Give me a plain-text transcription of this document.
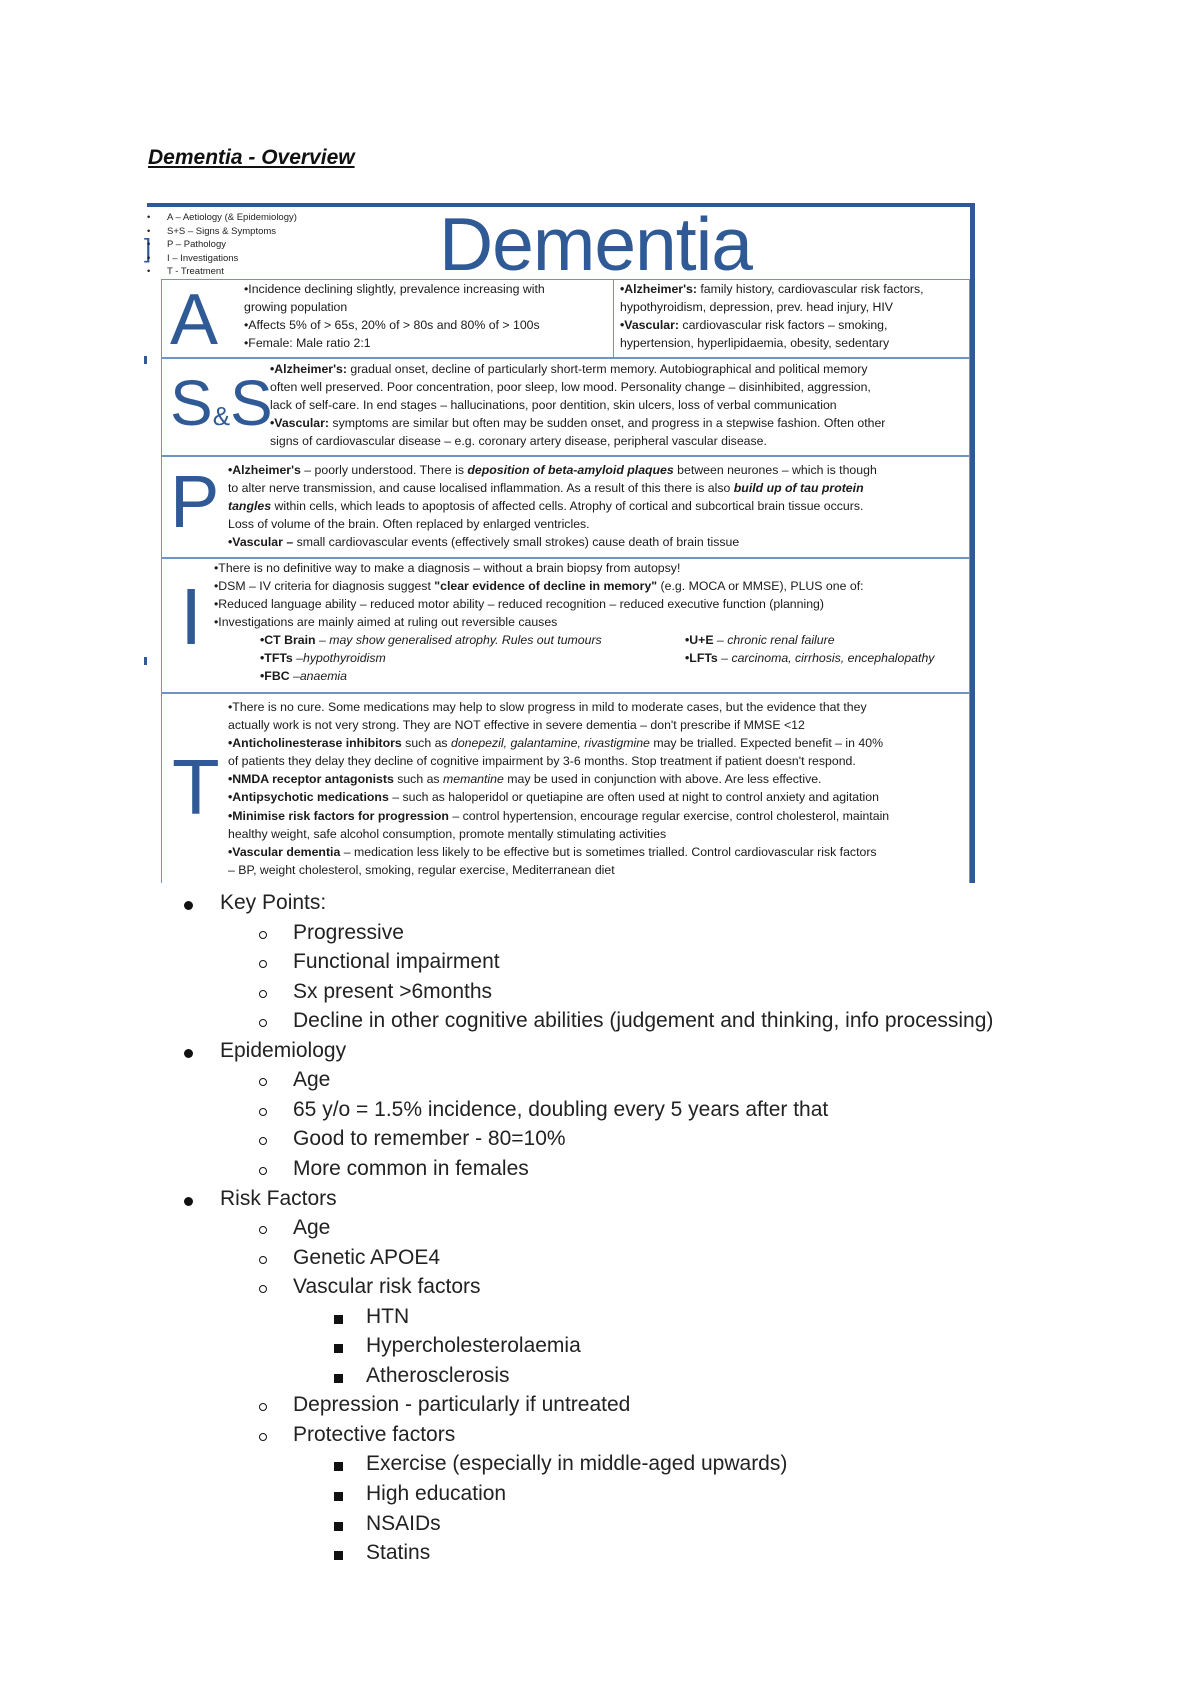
Dementia - Overview
]
• A – Aetiology (& Epidemiology)
• S+S – Signs & Symptoms
• P – Pathology
• I – Investigations
• T - Treatment	Dementia
A •Incidence declining slightly, prevalence increasing with
growing population
•Affects 5% of > 65s, 20% of > 80s and 80% of > 100s
•Female: Male ratio 2:1
•Alzheimer's: family history, cardiovascular risk factors,
hypothyroidism, depression, prev. head injury, HIV
•Vascular: cardiovascular risk factors – smoking,
hypertension, hyperlipidaemia, obesity, sedentary
S&S
•Alzheimer's: gradual onset, decline of particularly short-term memory. Autobiographical and political memory
often well preserved. Poor concentration, poor sleep, low mood. Personality change – disinhibited, aggression,
lack of self-care. In end stages – hallucinations, poor dentition, skin ulcers, loss of verbal communication
•Vascular: symptoms are similar but often may be sudden onset, and progress in a stepwise fashion. Often other
signs of cardiovascular disease – e.g. coronary artery disease, peripheral vascular disease.
P •Alzheimer's – poorly understood. There is deposition of beta-amyloid plaques between neurones – which is though
to alter nerve transmission, and cause localised inflammation. As a result of this there is also build up of tau protein
tangles within cells, which leads to apoptosis of affected cells. Atrophy of cortical and subcortical brain tissue occurs.
Loss of volume of the brain. Often replaced by enlarged ventricles.
•Vascular – small cardiovascular events (effectively small strokes) cause death of brain tissue
I
•There is no definitive way to make a diagnosis – without a brain biopsy from autopsy!
•DSM – IV criteria for diagnosis suggest "clear evidence of decline in memory" (e.g. MOCA or MMSE), PLUS one of:
•Reduced language ability – reduced motor ability – reduced recognition – reduced executive function (planning)
•Investigations are mainly aimed at ruling out reversible causes
•CT Brain – may show generalised atrophy. Rules out tumours
•TFTs –hypothyroidism
•FBC –anaemia
•U+E – chronic renal failure
•LFTs – carcinoma, cirrhosis, encephalopathy
T
•There is no cure. Some medications may help to slow progress in mild to moderate cases, but the evidence that they
actually work is not very strong. They are NOT effective in severe dementia – don't prescribe if MMSE <12
•Anticholinesterase inhibitors such as donepezil, galantamine, rivastigmine may be trialled. Expected benefit – in 40%
of patients they delay they decline of cognitive impairment by 3-6 months. Stop treatment if patient doesn't respond.
•NMDA receptor antagonists such as memantine may be used in conjunction with above. Are less effective.
•Antipsychotic medications – such as haloperidol or quetiapine are often used at night to control anxiety and agitation
•Minimise risk factors for progression – control hypertension, encourage regular exercise, control cholesterol, maintain
healthy weight, safe alcohol consumption, promote mentally stimulating activities
•Vascular dementia – medication less likely to be effective but is sometimes trialled. Control cardiovascular risk factors
– BP, weight cholesterol, smoking, regular exercise, Mediterranean diet
Key Points:
Progressive
Functional impairment
Sx present >6months
Decline in other cognitive abilities (judgement and thinking, info processing)
Epidemiology
Age
65 y/o = 1.5% incidence, doubling every 5 years after that
Good to remember - 80=10%
More common in females
Risk Factors
Age
Genetic APOE4
Vascular risk factors
HTN
Hypercholesterolaemia
Atherosclerosis
Depression - particularly if untreated
Protective factors
Exercise (especially in middle-aged upwards)
High education
NSAIDs
Statins
